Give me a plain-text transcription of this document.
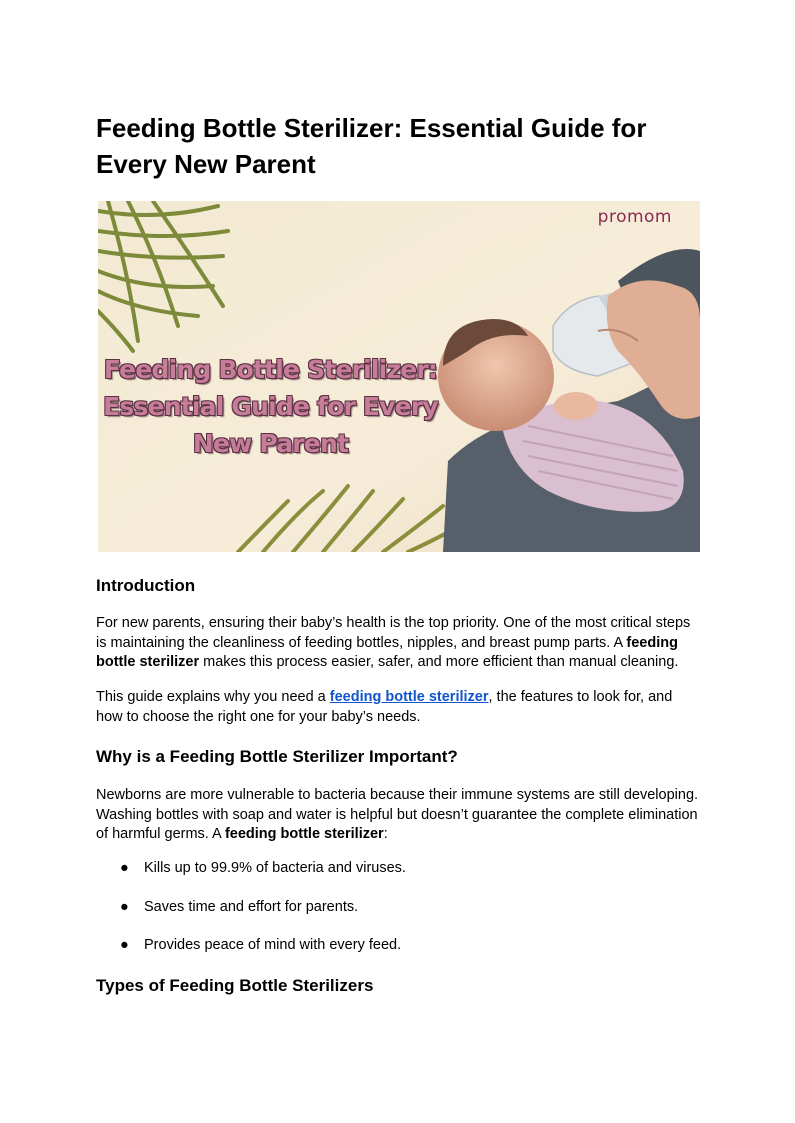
Feeding Bottle Sterilizer: Essential Guide for Every New Parent
promom
Feeding Bottle Sterilizer:
Essential Guide for Every
New Parent
Introduction

For new parents, ensuring their baby’s health is the top priority. One of the most critical steps is maintaining the cleanliness of feeding bottles, nipples, and breast pump parts. A feeding bottle sterilizer makes this process easier, safer, and more efficient than manual cleaning.

This guide explains why you need a feeding bottle sterilizer, the features to look for, and how to choose the right one for your baby’s needs.

Why is a Feeding Bottle Sterilizer Important?

Newborns are more vulnerable to bacteria because their immune systems are still developing. Washing bottles with soap and water is helpful but doesn’t guarantee the complete elimination of harmful germs. A feeding bottle sterilizer:

● Kills up to 99.9% of bacteria and viruses.
● Saves time and effort for parents.
● Provides peace of mind with every feed.
Types of Feeding Bottle Sterilizers
